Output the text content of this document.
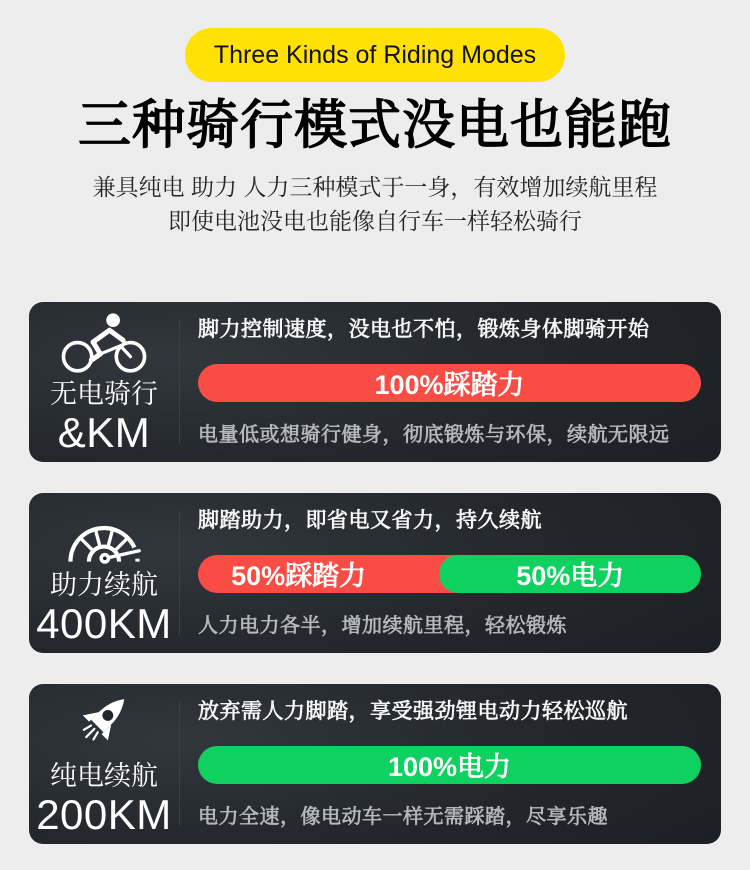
Three Kinds of Riding Modes
三种骑行模式没电也能跑
兼具纯电 助力 人力三种模式于一身，有效增加续航里程
即使电池没电也能像自行车一样轻松骑行
无电骑行
&KM
脚力控制速度，没电也不怕，锻炼身体脚骑开始
100%踩踏力
电量低或想骑行健身，彻底锻炼与环保，续航无限远
助力续航
400KM
脚踏助力，即省电又省力，持久续航
50%踩踏力	50%电力
人力电力各半，增加续航里程，轻松锻炼
纯电续航
200KM
放弃需人力脚踏，享受强劲锂电动力轻松巡航
100%电力
电力全速，像电动车一样无需踩踏，尽享乐趣
